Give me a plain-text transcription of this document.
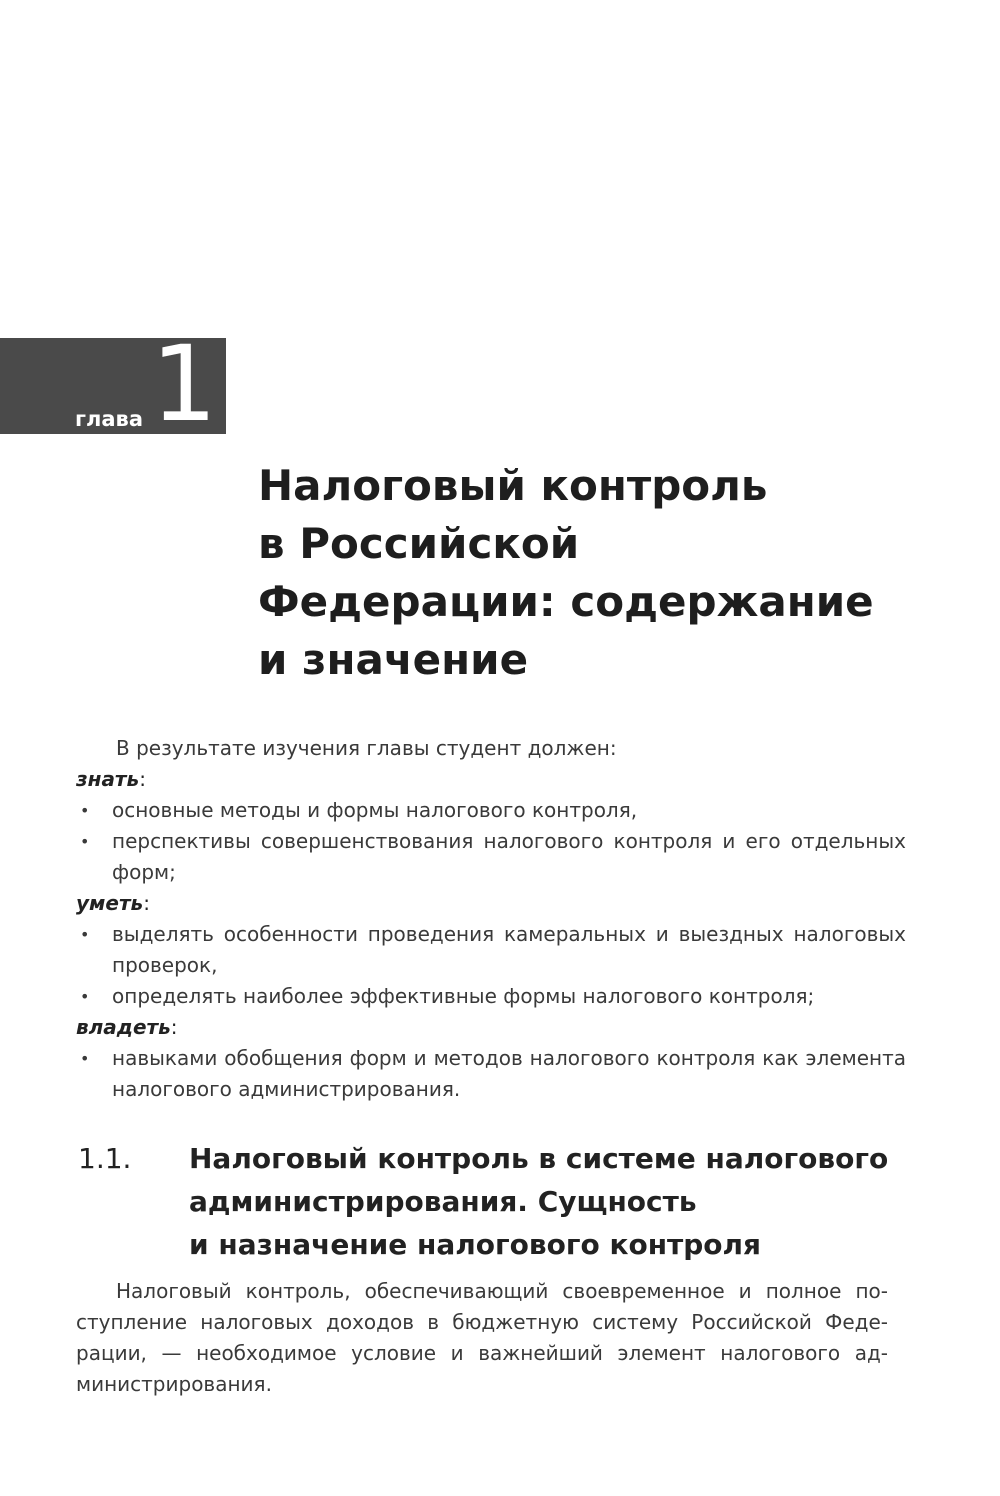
глава 1
Налоговый контроль
в Российской
Федерации: содержание
и значение

В результате изучения главы студент должен:

знать:

• основные методы и формы налогового контроля,
• перспективы совершенствования налогового контроля и его отдельных форм;

уметь:

• выделять особенности проведения камеральных и выездных налоговых проверок,
• определять наиболее эффективные формы налогового контроля;

владеть:

• навыками обобщения форм и методов налогового контроля как элемента налогового администрирования.
1.1. Налоговый контроль в системе налогового
администрирования. Сущность
и назначение налогового контроля
Налоговый контроль, обеспечивающий своевременное и полное по-
ступление налоговых доходов в бюджетную систему Российской Феде-
рации, — необходимое условие и важнейший элемент налогового ад-
министрирования.
